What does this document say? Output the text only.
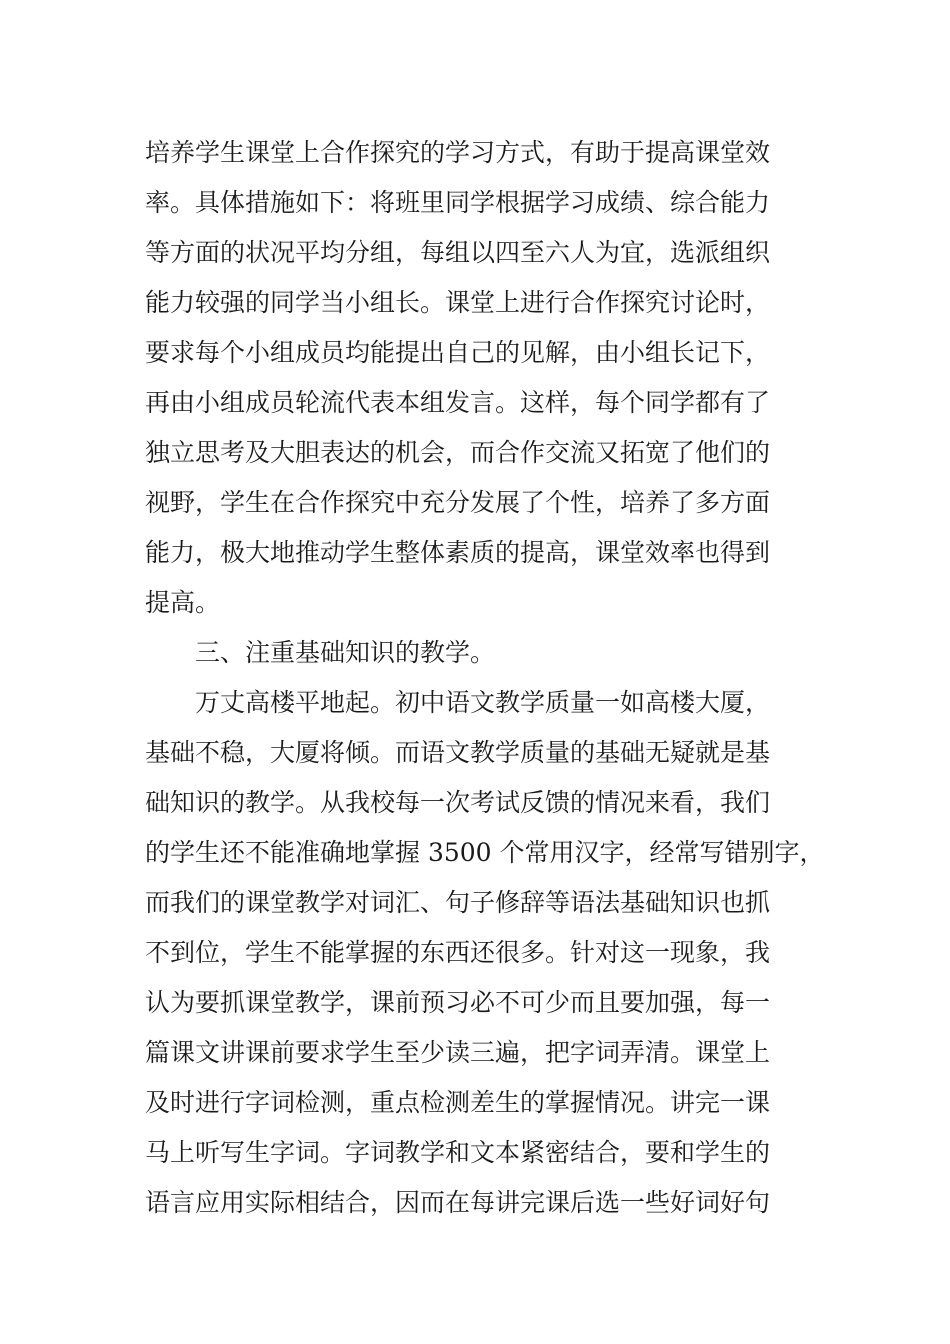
培养学生课堂上合作探究的学习方式，有助于提高课堂效
率。具体措施如下：将班里同学根据学习成绩、综合能力
等方面的状况平均分组，每组以四至六人为宜，选派组织
能力较强的同学当小组长。课堂上进行合作探究讨论时，
要求每个小组成员均能提出自己的见解，由小组长记下，
再由小组成员轮流代表本组发言。这样，每个同学都有了
独立思考及大胆表达的机会，而合作交流又拓宽了他们的
视野，学生在合作探究中充分发展了个性，培养了多方面
能力，极大地推动学生整体素质的提高，课堂效率也得到
提高。
三、注重基础知识的教学。
万丈高楼平地起。初中语文教学质量一如高楼大厦，
基础不稳，大厦将倾。而语文教学质量的基础无疑就是基
础知识的教学。从我校每一次考试反馈的情况来看，我们
的学生还不能准确地掌握 3500 个常用汉字，经常写错别字，
而我们的课堂教学对词汇、句子修辞等语法基础知识也抓
不到位，学生不能掌握的东西还很多。针对这一现象，我
认为要抓课堂教学，课前预习必不可少而且要加强，每一
篇课文讲课前要求学生至少读三遍，把字词弄清。课堂上
及时进行字词检测，重点检测差生的掌握情况。讲完一课
马上听写生字词。字词教学和文本紧密结合，要和学生的
语言应用实际相结合，因而在每讲完课后选一些好词好句
